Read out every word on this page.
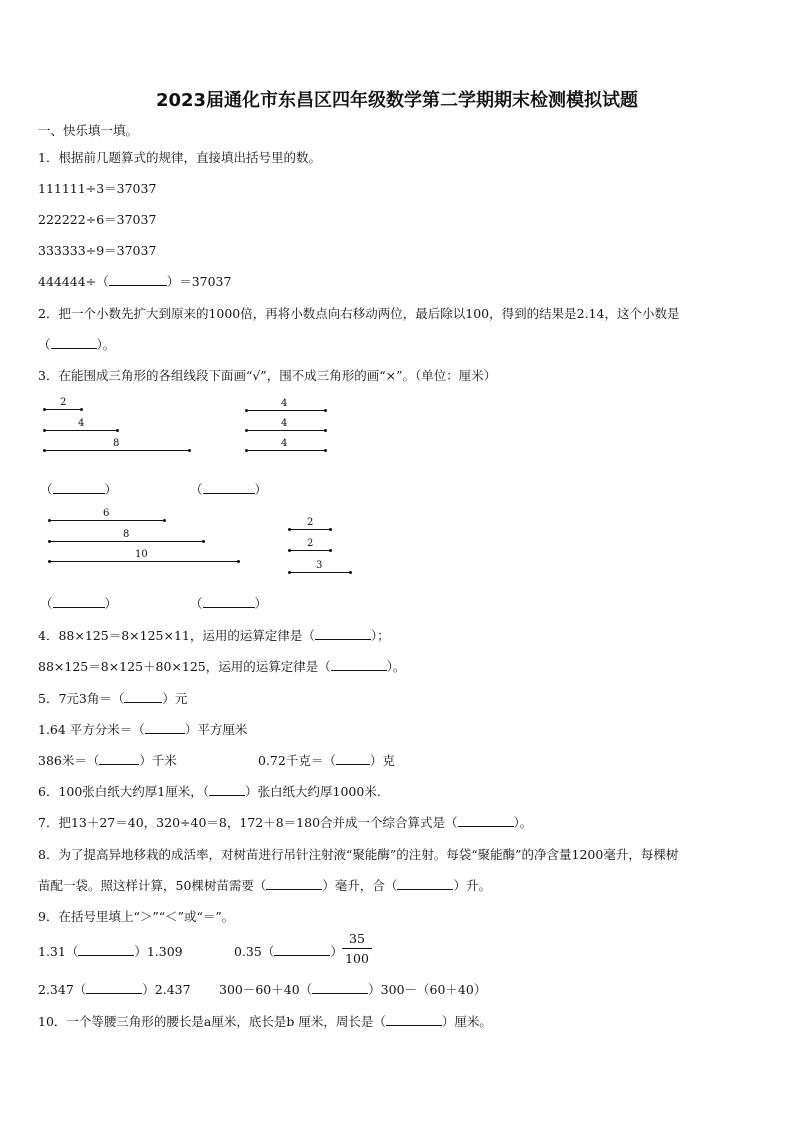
2023届通化市东昌区四年级数学第二学期期末检测模拟试题
一、快乐填一填。
1．根据前几题算式的规律，直接填出括号里的数。
111111÷3＝37037
222222÷6＝37037
333333÷9＝37037
444444÷（	）＝37037
2．把一个小数先扩大到原来的1000倍，再将小数点向右移动两位，最后除以100，得到的结果是2.14，这个小数是
（	）。
3．在能围成三角形的各组线段下面画“√”，围不成三角形的画“×”。（单位：厘米）
2
4
8
4
4
4
（	）	（	）
6
8
10
2
2
3
（	）	（	）
4．88×125＝8×125×11，运用的运算定律是（	）；
88×125＝8×125＋80×125，运用的运算定律是（	）。
5．7元3角＝（	）元
1.64 平方分米＝（	）平方厘米
386米＝（	）千米	0.72千克＝（	）克
6．100张白纸大约厚1厘米，（	）张白纸大约厚1000米.
7．把13＋27＝40，320÷40＝8，172＋8＝180合并成一个综合算式是（	）。
8．为了提高异地移栽的成活率，对树苗进行吊针注射液“聚能酶”的注射。每袋“聚能酶”的净含量1200毫升，每棵树
苗配一袋。照这样计算，50棵树苗需要（	）毫升，合（	）升。
9．在括号里填上“＞”“＜”或“＝”。
1.31（	）1.309	0.35（	）
35
100
2.347（	）2.437 300－60＋40（	）300－（60＋40）
10．一个等腰三角形的腰长是a厘米，底长是b 厘米，周长是（	）厘米。
